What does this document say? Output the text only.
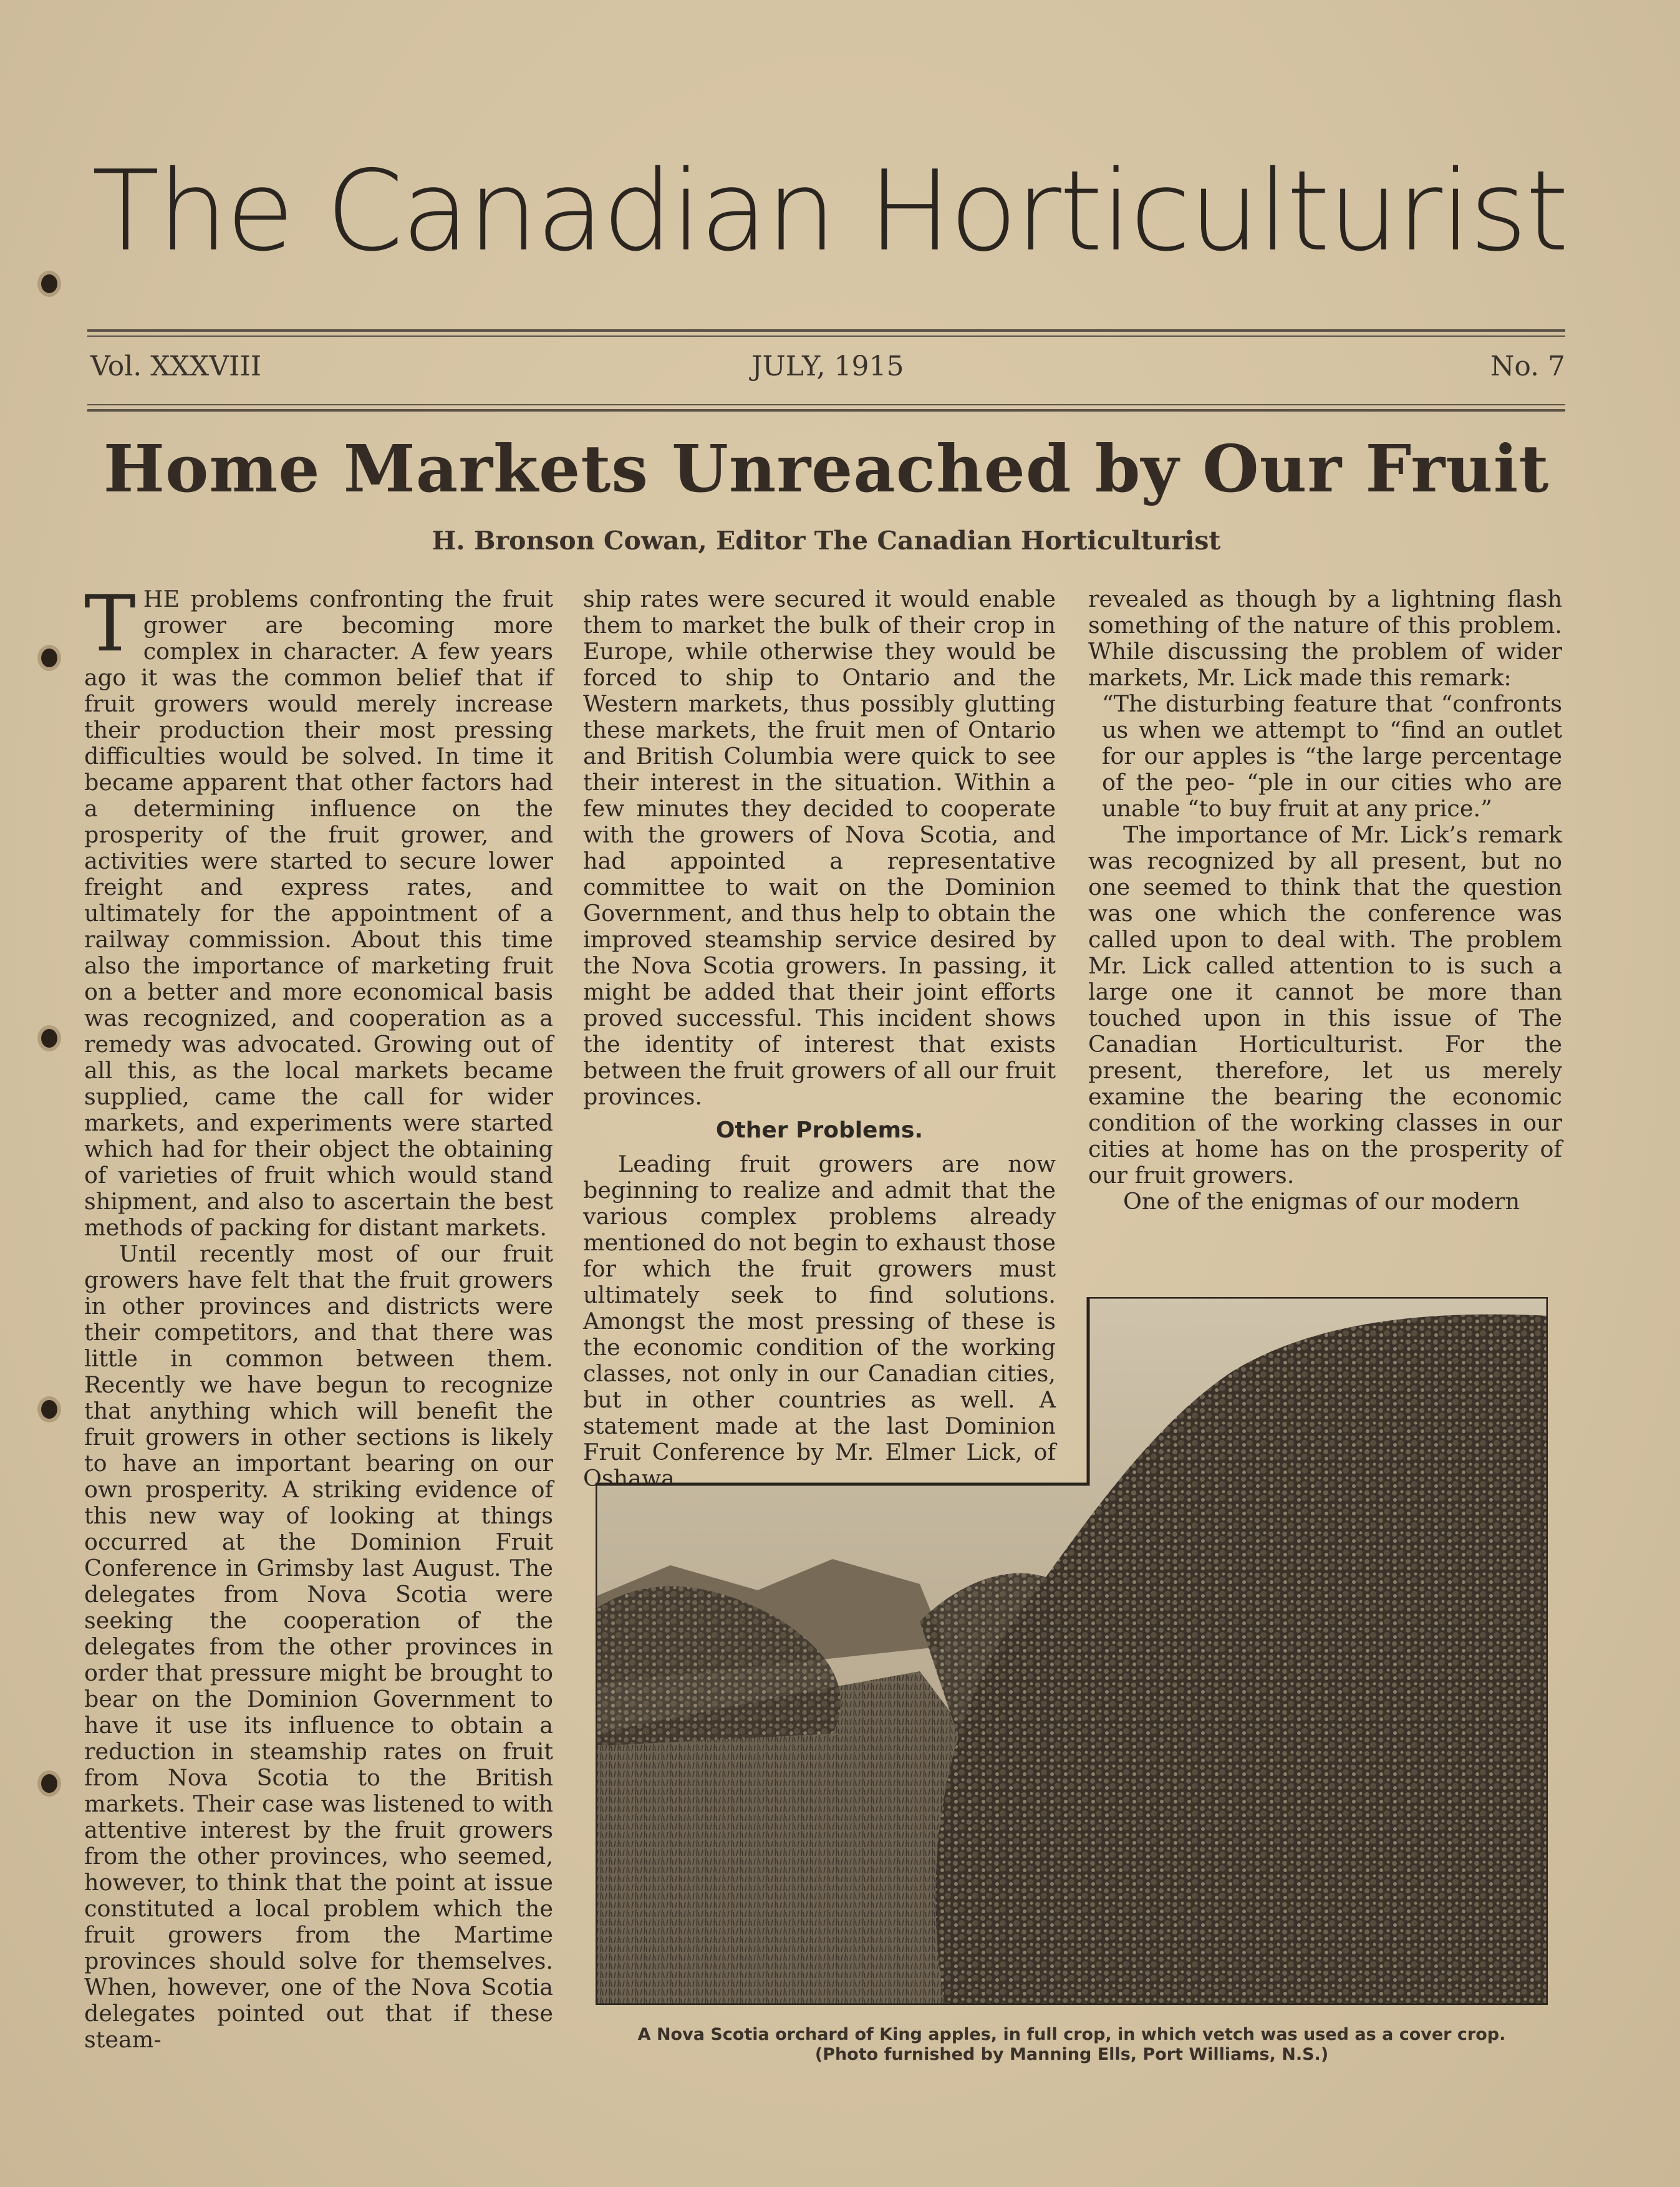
The Canadian Horticulturist
Vol. XXXVIII	JULY, 1915	No. 7
Home Markets Unreached by Our Fruit
H. Bronson Cowan, Editor The Canadian Horticulturist

THE problems confronting the fruit grower are becoming more complex in character. A few years ago it was the common belief that if fruit growers would merely increase their production their most pressing difficulties would be solved. In time it became apparent that other factors had a determining influence on the prosperity of the fruit grower, and activities were started to secure lower freight and express rates, and ultimately for the appointment of a railway commission. About this time also the importance of marketing fruit on a better and more economical basis was recognized, and cooperation as a remedy was advocated. Growing out of all this, as the local markets became supplied, came the call for wider markets, and experiments were started which had for their object the obtaining of varieties of fruit which would stand shipment, and also to ascertain the best methods of packing for distant markets.

Until recently most of our fruit growers have felt that the fruit growers in other provinces and districts were their competitors, and that there was little in common between them. Recently we have begun to recognize that anything which will benefit the fruit growers in other sections is likely to have an important bearing on our own prosperity. A striking evidence of this new way of looking at things occurred at the Dominion Fruit Conference in Grimsby last August. The delegates from Nova Scotia were seeking the cooperation of the delegates from the other provinces in order that pressure might be brought to bear on the Dominion Government to have it use its influence to obtain a reduction in steamship rates on fruit from Nova Scotia to the British markets. Their case was listened to with attentive interest by the fruit growers from the other provinces, who seemed, however, to think that the point at issue constituted a local problem which the fruit growers from the Martime provinces should solve for themselves. When, however, one of the Nova Scotia delegates pointed out that if these steam-

ship rates were secured it would enable them to market the bulk of their crop in Europe, while otherwise they would be forced to ship to Ontario and the Western markets, thus possibly glutting these markets, the fruit men of Ontario and British Columbia were quick to see their interest in the situation. Within a few minutes they decided to cooperate with the growers of Nova Scotia, and had appointed a representative committee to wait on the Dominion Government, and thus help to obtain the improved steamship service desired by the Nova Scotia growers. In passing, it might be added that their joint efforts proved successful. This incident shows the identity of interest that exists between the fruit growers of all our fruit provinces.

Other Problems.

Leading fruit growers are now beginning to realize and admit that the various complex problems already mentioned do not begin to exhaust those for which the fruit growers must ultimately seek to find solutions. Amongst the most pressing of these is the economic condition of the working classes, not only in our Canadian cities, but in other countries as well. A statement made at the last Dominion Fruit Conference by Mr. Elmer Lick, of Oshawa,

revealed as though by a lightning flash something of the nature of this problem. While discussing the problem of wider markets, Mr. Lick made this remark:

“The disturbing feature that “confronts us when we attempt to “find an outlet for our apples is “the large percentage of the peo- “ple in our cities who are unable “to buy fruit at any price.”

The importance of Mr. Lick’s remark was recognized by all present, but no one seemed to think that the question was one which the conference was called upon to deal with. The problem Mr. Lick called attention to is such a large one it cannot be more than touched upon in this issue of The Canadian Horticulturist. For the present, therefore, let us merely examine the bearing the economic condition of the working classes in our cities at home has on the prosperity of our fruit growers.

One of the enigmas of our modern

A Nova Scotia orchard of King apples, in full crop, in which vetch was used as a cover crop.
(Photo furnished by Manning Ells, Port Williams, N.S.)
